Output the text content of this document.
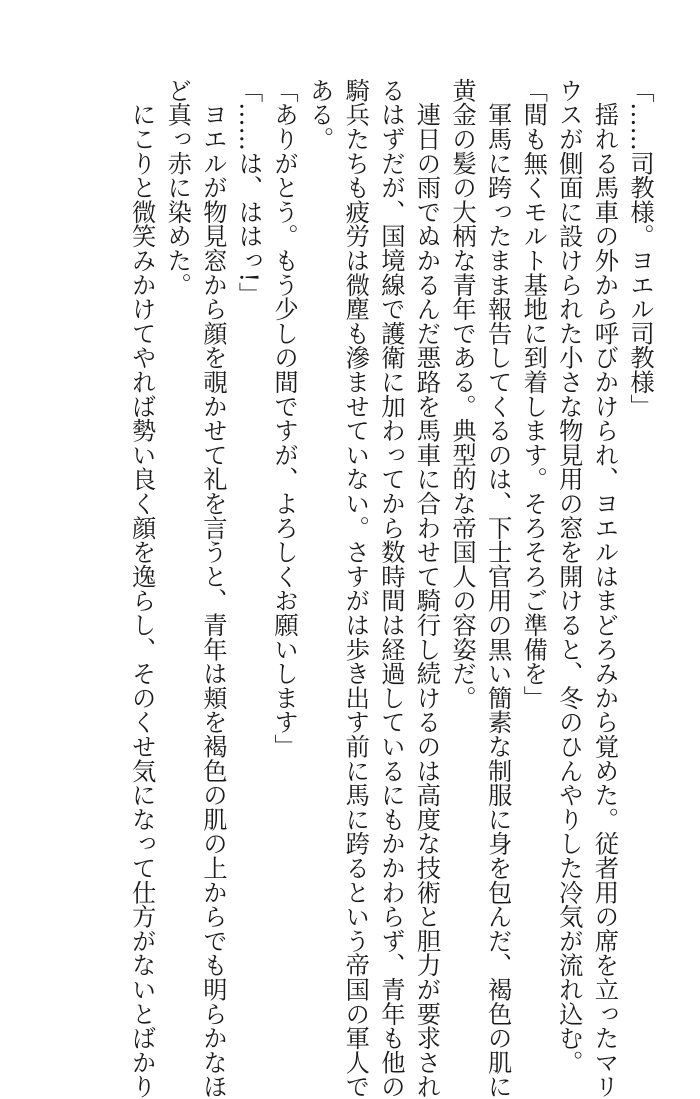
「……司教様。ヨエル司教様」
　揺れる馬車の外から呼びかけられ、ヨエルはまどろみから覚めた。従者用の席を立ったマリ
ウスが側面に設けられた小さな物見用の窓を開けると、冬のひんやりした冷気が流れ込む。
「間も無くモルト基地に到着します。そろそろご準備を」
　軍馬に跨ったまま報告してくるのは、下士官用の黒い簡素な制服に身を包んだ、褐色の肌に
黄金の髪の大柄な青年である。典型的な帝国人の容姿だ。
　連日の雨でぬかるんだ悪路を馬車に合わせて騎行し続けるのは高度な技術と胆力が要求され
るはずだが、国境線で護衛に加わってから数時間は経過しているにもかかわらず、青年も他の
騎兵たちも疲労は微塵も滲ませていない。さすがは歩き出す前に馬に跨るという帝国の軍人で
ある。
「ありがとう。もう少しの間ですが、よろしくお願いします」
「……は、ははっ!」
　ヨエルが物見窓から顔を覗かせて礼を言うと、青年は頬を褐色の肌の上からでも明らかなほ
ど真っ赤に染めた。
　にこりと微笑みかけてやれば勢い良く顔を逸らし、そのくせ気になって仕方がないとばかり
